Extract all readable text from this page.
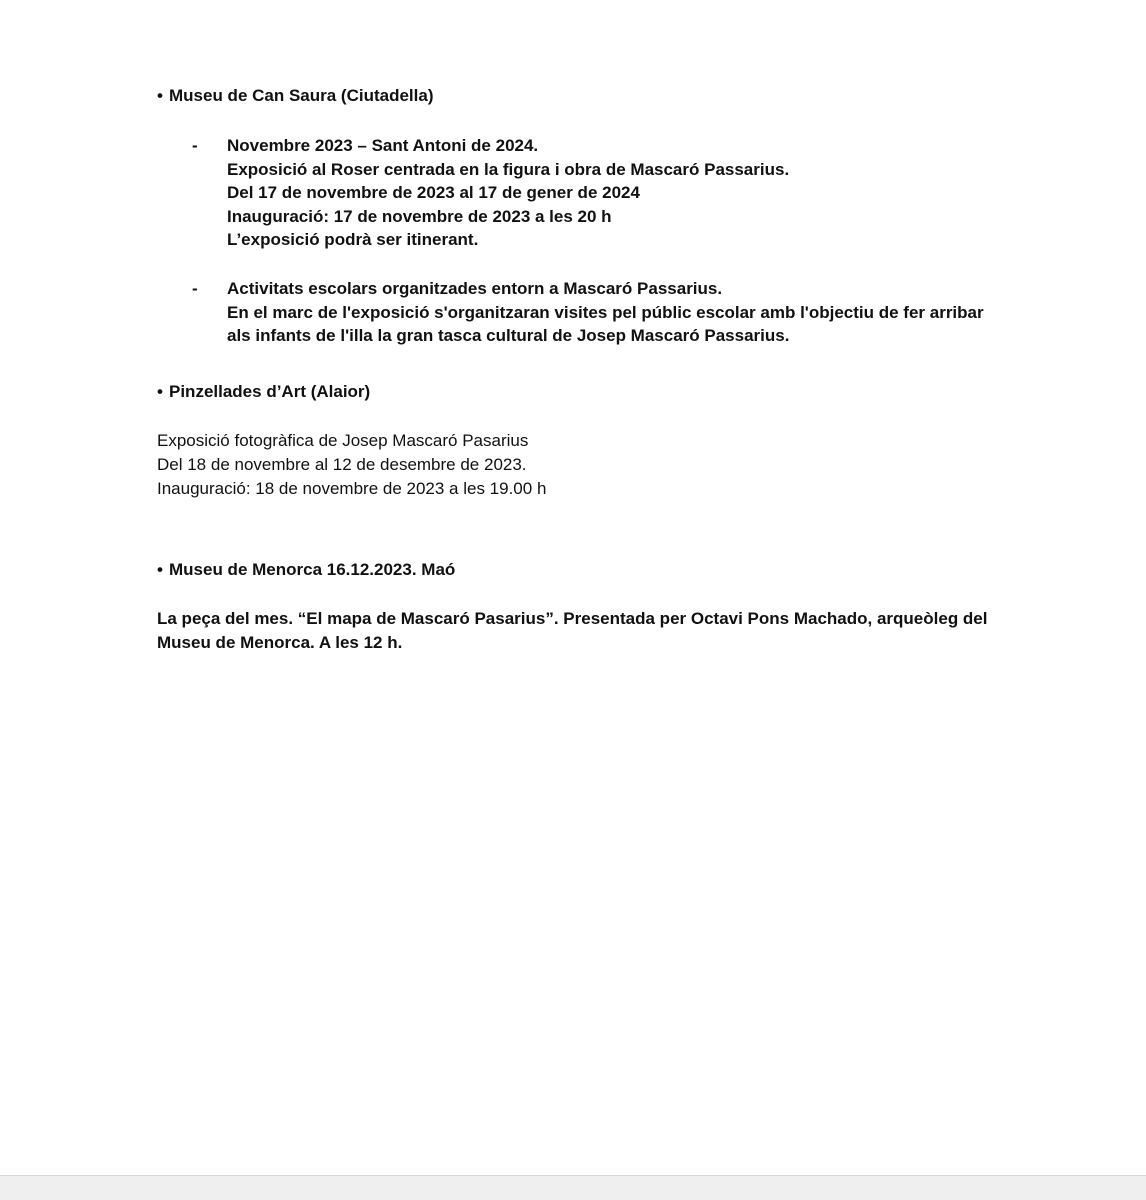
• Museu de Can Saura (Ciutadella)
- Novembre 2023 – Sant Antoni de 2024.
Exposició al Roser centrada en la figura i obra de Mascaró Passarius.
Del 17 de novembre de 2023 al 17 de gener de 2024
Inauguració: 17 de novembre de 2023 a les 20 h
L’exposició podrà ser itinerant.
- Activitats escolars organitzades entorn a Mascaró Passarius.
En el marc de l'exposició s'organitzaran visites pel públic escolar amb l'objectiu de fer arribar
als infants de l'illa la gran tasca cultural de Josep Mascaró Passarius.
• Pinzellades d’Art (Alaior)
Exposició fotogràfica de Josep Mascaró Pasarius
Del 18 de novembre al 12 de desembre de 2023.
Inauguració: 18 de novembre de 2023 a les 19.00 h
• Museu de Menorca 16.12.2023. Maó
La peça del mes. “El mapa de Mascaró Pasarius”. Presentada per Octavi Pons Machado, arqueòleg del
Museu de Menorca. A les 12 h.
